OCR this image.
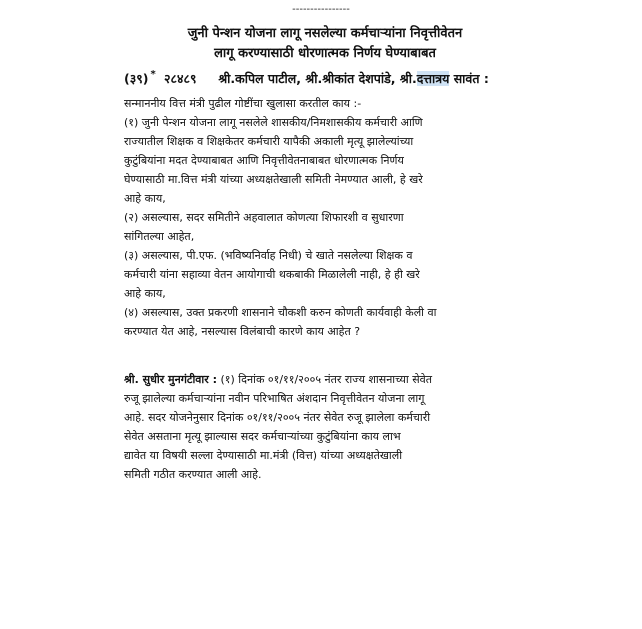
----------------
जुनी पेन्शन योजना लागू नसलेल्या कर्मचाऱ्यांना निवृत्तीवेतन
लागू करण्यासाठी धोरणात्मक निर्णय घेण्याबाबत
(३९) * २८४८९ श्री.कपिल पाटील, श्री.श्रीकांत देशपांडे, श्री.दत्तात्रय सावंत :
सन्माननीय वित्त मंत्री पुढील गोष्टींचा खुलासा करतील काय :-
(१) जुनी पेन्शन योजना लागू नसलेले शासकीय/निमशासकीय कर्मचारी आणि
राज्यातील शिक्षक व शिक्षकेतर कर्मचारी यापैकी अकाली मृत्यू झालेल्यांच्या
कुटुंबियांना मदत देण्याबाबत आणि निवृत्तीवेतनाबाबत धोरणात्मक निर्णय
घेण्यासाठी मा.वित्त मंत्री यांच्या अध्यक्षतेखाली समिती नेमण्यात आली, हे खरे
आहे काय,
(२) असल्यास, सदर समितीने अहवालात कोणत्या शिफारशी व सुधारणा
सांगितल्या आहेत,
(३) असल्यास, पी.एफ. (भविष्यनिर्वाह निधी) चे खाते नसलेल्या शिक्षक व
कर्मचारी यांना सहाव्या वेतन आयोगाची थकबाकी मिळालेली नाही, हे ही खरे
आहे काय,
(४) असल्यास, उक्त प्रकरणी शासनाने चौकशी करुन कोणती कार्यवाही केली वा
करण्यात येत आहे, नसल्यास विलंबाची कारणे काय आहेत ?
श्री. सुधीर मुनगंटीवार : (१) दिनांक ०१/११/२००५ नंतर राज्य शासनाच्या सेवेत
रुजू झालेल्या कर्मचाऱ्यांना नवीन परिभाषित अंशदान निवृत्तीवेतन योजना लागू
आहे. सदर योजनेनुसार दिनांक ०१/११/२००५ नंतर सेवेत रुजू झालेला कर्मचारी
सेवेत असताना मृत्यू झाल्यास सदर कर्मचाऱ्यांच्या कुटुंबियांना काय लाभ
द्यावेत या विषयी सल्ला देण्यासाठी मा.मंत्री (वित्त) यांच्या अध्यक्षतेखाली
समिती गठीत करण्यात आली आहे.
